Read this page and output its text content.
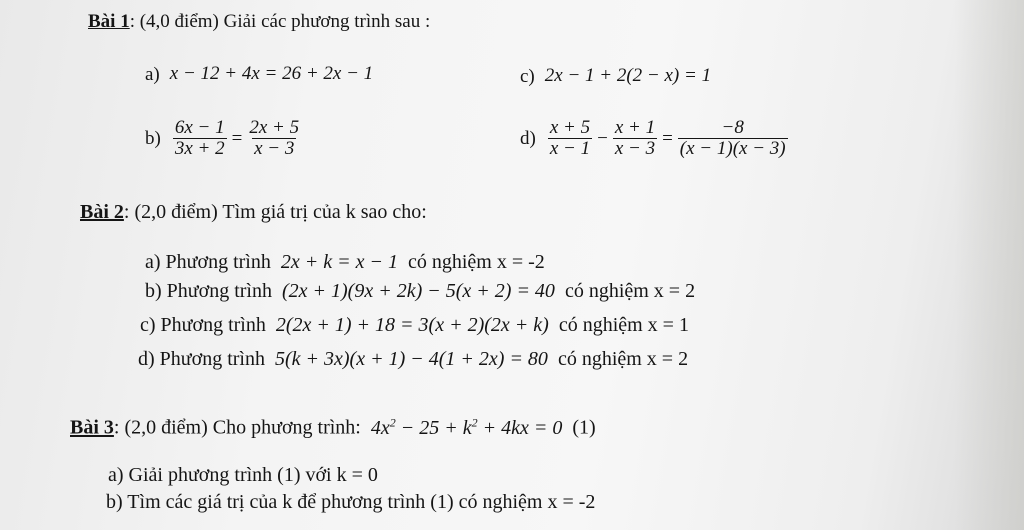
Bài 1: (4,0 điểm) Giải các phương trình sau :
a) x − 12 + 4x = 26 + 2x − 1	c) 2x − 1 + 2(2 − x) = 1
$b) \frac{6x - 1}{3x + 2} = \frac{2x + 5}{x - 3}$	$d) \frac{x + 5}{x - 1} - \frac{x + 1}{x - 3} = \frac{-8}{(x - 1)(x - 3)}$
Bài 2: (2,0 điểm) Tìm giá trị của k sao cho:
a) Phương trình 2x + k = x − 1 có nghiệm x = -2
b) Phương trình (2x + 1)(9x + 2k) − 5(x + 2) = 40 có nghiệm x = 2
c) Phương trình 2(2x + 1) + 18 = 3(x + 2)(2x + k) có nghiệm x = 1
d) Phương trình 5(k + 3x)(x + 1) − 4(1 + 2x) = 80 có nghiệm x = 2
Bài 3: (2,0 điểm) Cho phương trình: $4x^2 - 25 + k^2 + 4kx = 0$ (1)
a) Giải phương trình (1) với k = 0
b) Tìm các giá trị của k để phương trình (1) có nghiệm x = -2
